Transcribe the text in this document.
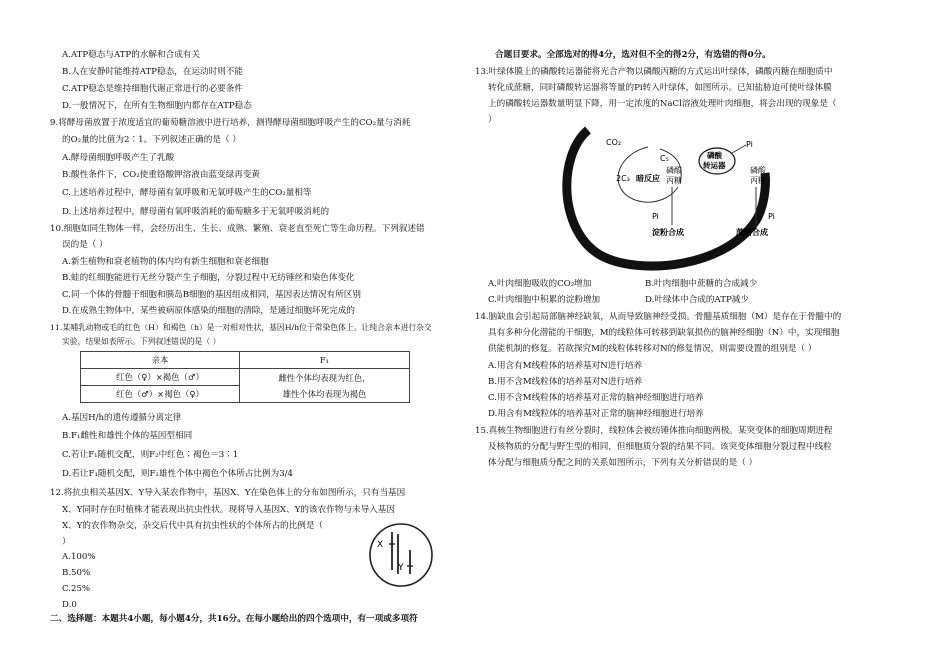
A.ATP稳态与ATP的水解和合成有关
B.人在安静时能维持ATP稳态，在运动时则不能
C.ATP稳态是维持细胞代谢正常进行的必要条件
D.一般情况下，在所有生物细胞内都存在ATP稳态
9.将酵母菌放置于浓度适宜的葡萄糖溶液中进行培养，测得酵母菌细胞呼吸产生的CO₂量与消耗
的O₂量的比值为2∶1。下列叙述正确的是（ ）
A.酵母菌细胞呼吸产生了乳酸
B.酸性条件下，CO₂使重铬酸钾溶液由蓝变绿再变黄
C.上述培养过程中，酵母菌有氧呼吸和无氧呼吸产生的CO₂量相等
D.上述培养过程中，酵母菌有氧呼吸消耗的葡萄糖多于无氧呼吸消耗的
10.细胞如同生物体一样，会经历出生、生长、成熟、繁殖、衰老直至死亡等生命历程。下列叙述错
误的是（ ）
A.新生植物和衰老植物的体内均有新生细胞和衰老细胞
B.蛙的红细胞能进行无丝分裂产生子细胞，分裂过程中无纺锤丝和染色体变化
C.同一个体的骨髓干细胞和胰岛B细胞的基因组成相同，基因表达情况有所区别
D.在成熟生物体中，某些被病原体感染的细胞的清除，是通过细胞坏死完成的
11.某哺乳动物或毛的红色（H）和褐色（h）是一对相对性状，基因H/h位于常染色体上。让纯合亲本进行杂交
实验，结果如表所示。下列叙述错误的是（ ）
亲本	F₁
红色（♀）×褐色（♂）	雌性个体均表现为红色，
雄性个体均表现为褐色

红色（♂）×褐色（♀）	
A.基因H/h的遗传遵循分离定律
B.F₁雌性和雄性个体的基因型相同
C.若让F₁随机交配，则F₂中红色∶褐色＝3∶1
D.若让F₁随机交配，则F₂雄性个体中褐色个体所占比例为3/4
12.将抗虫相关基因X、Y导入某农作物中，基因X、Y在染色体上的分布如图所示，只有当基因
X、Y同时存在时植株才能表现出抗虫性状。现将导入基因X、Y的该农作物与未导入基因
X、Y的农作物杂交，杂交后代中具有抗虫性状的个体所占的比例是（
）
A.100%
B.50%
C.25%
D.0
X
Y
二、选择题：本题共4小题，每小题4分，共16分。在每小题给出的四个选项中，有一项或多项符
合题目要求。全部选对的得4分，选对但不全的得2分，有选错的得0分。
13.叶绿体膜上的磷酸转运器能将光合产物以磷酸丙糖的方式运出叶绿体，磷酸丙糖在细胞质中
转化成蔗糖，同时磷酸转运器将等量的Pi转入叶绿体，如图所示。已知盐胁迫可使叶绿体膜
上的磷酸转运器数量明显下降，用一定浓度的NaCl溶液处理叶肉细胞，将会出现的现象是（
）
CO₂
C₅
2C₃ 暗反应
磷酸
丙糖
磷酸
转运器
Pi
磷酸
丙糖
Pi
淀粉合成
Pi
蔗糖合成
A.叶肉细胞吸收的CO₂增加	B.叶肉细胞中蔗糖的合成减少
C.叶肉细胞中积累的淀粉增加	D.叶绿体中合成的ATP减少
14.脑缺血会引起局部脑神经缺氧，从而导致脑神经受损。骨髓基质细胞（M）是存在于骨髓中的
具有多种分化潜能的干细胞，M的线粒体可转移到缺氧损伤的脑神经细胞（N）中，实现细胞
供能机制的修复。若欲探究M的线粒体转移对N的修复情况，则需要设置的组别是（ ）
A.用含有M线粒体的培养基对N进行培养
B.用不含M线粒体的培养基对N进行培养
C.用不含M线粒体的培养基对正常的脑神经细胞进行培养
D.用含有M线粒体的培养基对正常的脑神经细胞进行培养
15.真核生物细胞进行有丝分裂时，线粒体会被纺锤体推向细胞两极。某突变体的细胞周期进程
及核物质的分配与野生型的相同，但细胞质分裂的结果不同。该突变体细胞分裂过程中线粒
体分配与细胞质分配之间的关系如图所示，下列有关分析错误的是（ ）
